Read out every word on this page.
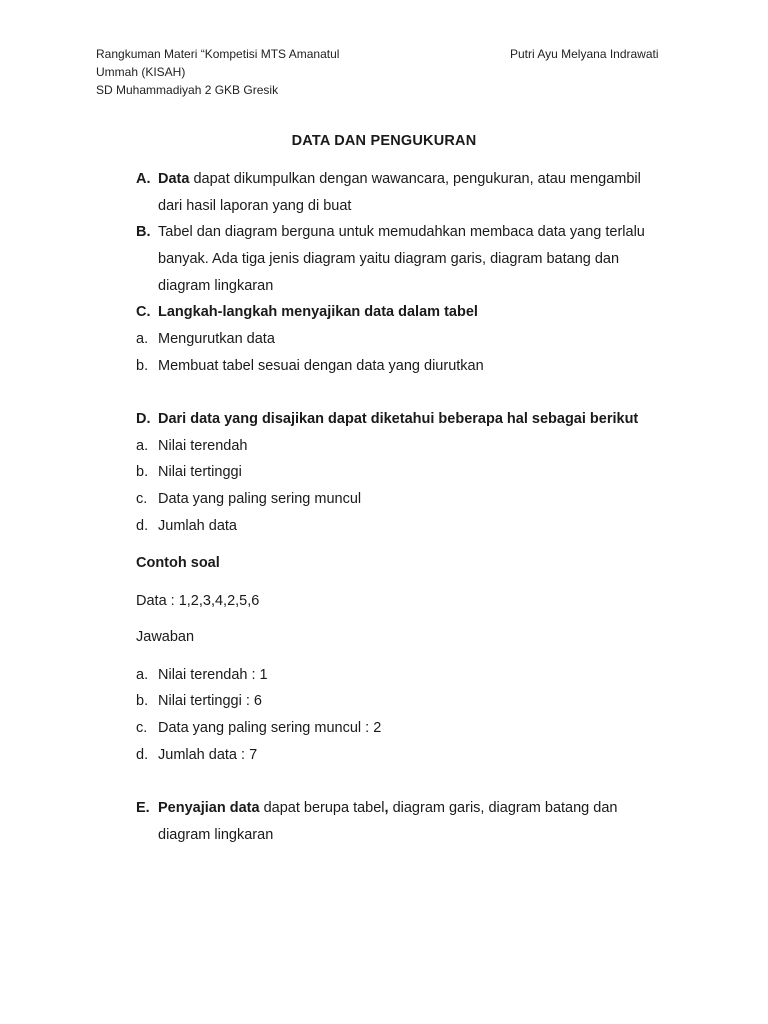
Rangkuman Materi “Kompetisi MTS Amanatul
Ummah (KISAH)
SD Muhammadiyah 2 GKB Gresik
Putri Ayu Melyana Indrawati
DATA DAN PENGUKURAN
A. Data dapat dikumpulkan dengan wawancara, pengukuran, atau mengambil
dari hasil laporan yang di buat
B. Tabel dan diagram berguna untuk memudahkan membaca data yang terlalu
banyak. Ada tiga jenis diagram yaitu diagram garis, diagram batang dan
diagram lingkaran
C. Langkah-langkah menyajikan data dalam tabel
a. Mengurutkan data
b. Membuat tabel sesuai dengan data yang diurutkan
D. Dari data yang disajikan dapat diketahui beberapa hal sebagai berikut
a. Nilai terendah
b. Nilai tertinggi
c. Data yang paling sering muncul
d. Jumlah data
Contoh soal
Data : 1,2,3,4,2,5,6
Jawaban
a. Nilai terendah : 1
b. Nilai tertinggi : 6
c. Data yang paling sering muncul : 2
d. Jumlah data : 7
E. Penyajian data dapat berupa tabel, diagram garis, diagram batang dan
diagram lingkaran
